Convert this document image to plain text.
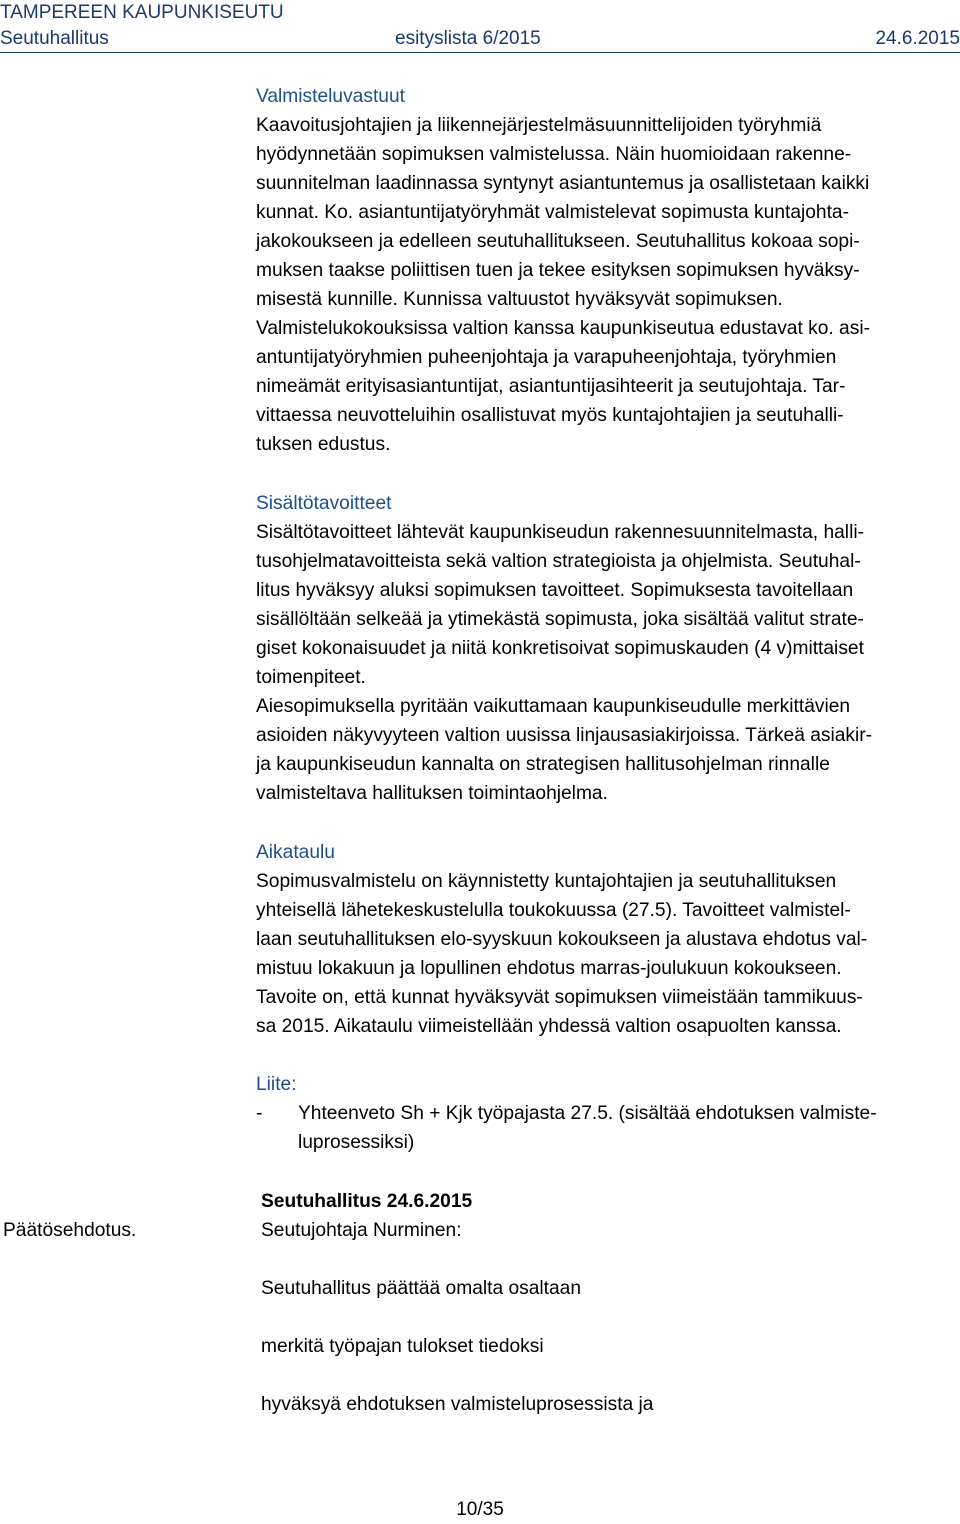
TAMPEREEN KAUPUNKISEUTU
Seutuhallitus	esityslista 6/2015	24.6.2015

Valmisteluvastuut

Kaavoitusjohtajien ja liikennejärjestelmäsuunnittelijoiden työryhmiä

hyödynnetään sopimuksen valmistelussa. Näin huomioidaan rakenne-

suunnitelman laadinnassa syntynyt asiantuntemus ja osallistetaan kaikki

kunnat. Ko. asiantuntijatyöryhmät valmistelevat sopimusta kuntajohta-

jakokoukseen ja edelleen seutuhallitukseen. Seutuhallitus kokoaa sopi-

muksen taakse poliittisen tuen ja tekee esityksen sopimuksen hyväksy-

misestä kunnille. Kunnissa valtuustot hyväksyvät sopimuksen.

Valmistelukokouksissa valtion kanssa kaupunkiseutua edustavat ko. asi-

antuntijatyöryhmien puheenjohtaja ja varapuheenjohtaja, työryhmien

nimeämät erityisasiantuntijat, asiantuntijasihteerit ja seutujohtaja. Tar-

vittaessa neuvotteluihin osallistuvat myös kuntajohtajien ja seutuhalli-

tuksen edustus.

Sisältötavoitteet

Sisältötavoitteet lähtevät kaupunkiseudun rakennesuunnitelmasta, halli-

tusohjelmatavoitteista sekä valtion strategioista ja ohjelmista. Seutuhal-

litus hyväksyy aluksi sopimuksen tavoitteet. Sopimuksesta tavoitellaan

sisällöltään selkeää ja ytimekästä sopimusta, joka sisältää valitut strate-

giset kokonaisuudet ja niitä konkretisoivat sopimuskauden (4 v)mittaiset

toimenpiteet.

Aiesopimuksella pyritään vaikuttamaan kaupunkiseudulle merkittävien

asioiden näkyvyyteen valtion uusissa linjausasiakirjoissa. Tärkeä asiakir-

ja kaupunkiseudun kannalta on strategisen hallitusohjelman rinnalle

valmisteltava hallituksen toimintaohjelma.

Aikataulu

Sopimusvalmistelu on käynnistetty kuntajohtajien ja seutuhallituksen

yhteisellä lähetekeskustelulla toukokuussa (27.5). Tavoitteet valmistel-

laan seutuhallituksen elo-syyskuun kokoukseen ja alustava ehdotus val-

mistuu lokakuun ja lopullinen ehdotus marras-joulukuun kokoukseen.

Tavoite on, että kunnat hyväksyvät sopimuksen viimeistään tammikuus-

sa 2015. Aikataulu viimeistellään yhdessä valtion osapuolten kanssa.

Liite:

-	Yhteenveto Sh + Kjk työpajasta 27.5. (sisältää ehdotuksen valmiste-

luprosessiksi)

Päätösehdotus.

Seutuhallitus 24.6.2015

Seutujohtaja Nurminen:

Seutuhallitus päättää omalta osaltaan

merkitä työpajan tulokset tiedoksi

hyväksyä ehdotuksen valmisteluprosessista ja

10/35
